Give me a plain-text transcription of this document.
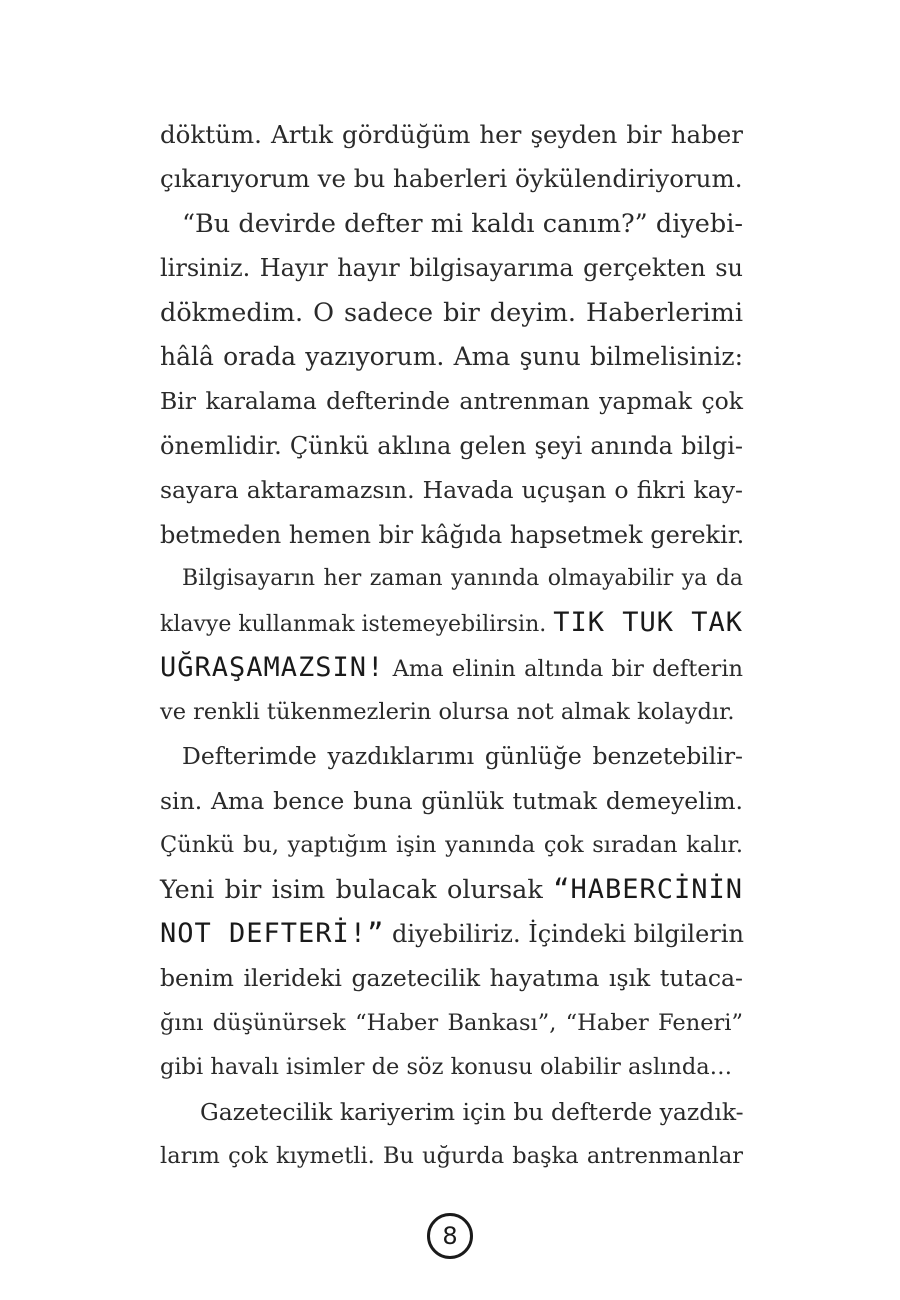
döktüm. Artık gördüğüm her şeyden bir haber
çıkarıyorum ve bu haberleri öykülendiriyorum.
“Bu devirde defter mi kaldı canım?” diyebi-
lirsiniz. Hayır hayır bilgisayarıma gerçekten su
dökmedim. O sadece bir deyim. Haberlerimi
hâlâ orada yazıyorum. Ama şunu bilmelisiniz:
Bir karalama defterinde antrenman yapmak çok
önemlidir. Çünkü aklına gelen şeyi anında bilgi-
sayara aktaramazsın. Havada uçuşan o fikri kay-
betmeden hemen bir kâğıda hapsetmek gerekir.
Bilgisayarın her zaman yanında olmayabilir ya da
klavye kullanmak istemeyebilirsin. TIK TUK TAK
UĞRAŞAMAZSIN! Ama elinin altında bir defterin
ve renkli tükenmezlerin olursa not almak kolaydır.
Defterimde yazdıklarımı günlüğe benzetebilir-
sin. Ama bence buna günlük tutmak demeyelim.
Çünkü bu, yaptığım işin yanında çok sıradan kalır.
Yeni bir isim bulacak olursak “HABERCİNİN
NOT DEFTERİ!” diyebiliriz. İçindeki bilgilerin
benim ilerideki gazetecilik hayatıma ışık tutaca-
ğını düşünürsek “Haber Bankası”, “Haber Feneri”
gibi havalı isimler de söz konusu olabilir aslında…
Gazetecilik kariyerim için bu defterde yazdık-
larım çok kıymetli. Bu uğurda başka antrenmanlar
8
